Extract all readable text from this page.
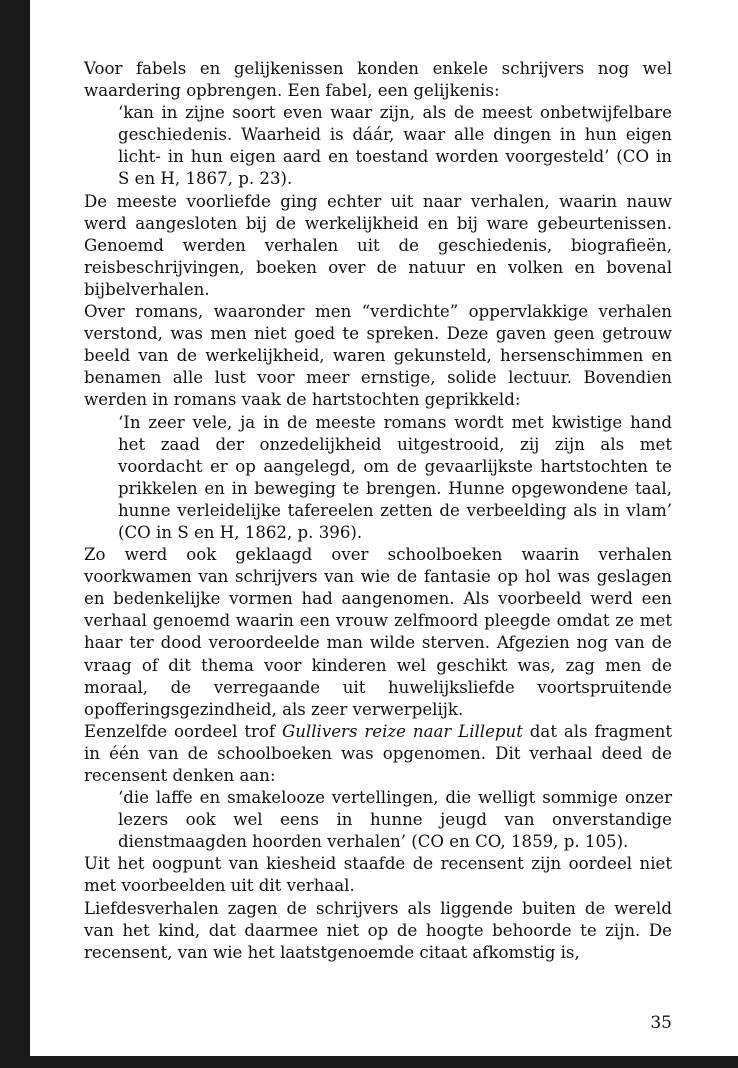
Voor fabels en gelijkenissen konden enkele schrijvers nog wel waardering opbrengen. Een fabel, een gelijkenis:

‘kan in zijne soort even waar zijn, als de meest onbetwijfelbare geschiedenis. Waarheid is dáár, waar alle dingen in hun eigen licht- in hun eigen aard en toestand worden voorgesteld’ (CO in S en H, 1867, p. 23).

De meeste voorliefde ging echter uit naar verhalen, waarin nauw werd aangesloten bij de werkelijkheid en bij ware gebeurtenissen. Genoemd werden verhalen uit de geschiedenis, biografieën, reisbeschrijvingen, boeken over de natuur en volken en bovenal bijbelverhalen.

Over romans, waaronder men “verdichte” oppervlakkige verhalen verstond, was men niet goed te spreken. Deze gaven geen getrouw beeld van de werkelijkheid, waren gekunsteld, hersenschimmen en benamen alle lust voor meer ernstige, solide lectuur. Bovendien werden in romans vaak de hartstochten geprikkeld:

‘In zeer vele, ja in de meeste romans wordt met kwistige hand het zaad der onzedelijkheid uitgestrooid, zij zijn als met voordacht er op aangelegd, om de gevaarlijkste hartstochten te prikkelen en in beweging te brengen. Hunne opgewondene taal, hunne verleidelijke tafereelen zetten de verbeelding als in vlam’ (CO in S en H, 1862, p. 396).

Zo werd ook geklaagd over schoolboeken waarin verhalen voorkwamen van schrijvers van wie de fantasie op hol was geslagen en bedenkelijke vormen had aangenomen. Als voorbeeld werd een verhaal genoemd waarin een vrouw zelfmoord pleegde omdat ze met haar ter dood veroordeelde man wilde sterven. Afgezien nog van de vraag of dit thema voor kinderen wel geschikt was, zag men de moraal, de verregaande uit huwelijksliefde voortspruitende opofferingsgezindheid, als zeer verwerpelijk.

Eenzelfde oordeel trof Gullivers reize naar Lilleput dat als fragment in één van de schoolboeken was opgenomen. Dit verhaal deed de recensent denken aan:

‘die laffe en smakelooze vertellingen, die welligt sommige onzer lezers ook wel eens in hunne jeugd van onverstandige dienstmaagden hoorden verhalen’ (CO en CO, 1859, p. 105).

Uit het oogpunt van kiesheid staafde de recensent zijn oordeel niet met voorbeelden uit dit verhaal.

Liefdesverhalen zagen de schrijvers als liggende buiten de wereld van het kind, dat daarmee niet op de hoogte behoorde te zijn. De recensent, van wie het laatstgenoemde citaat afkomstig is,

35
